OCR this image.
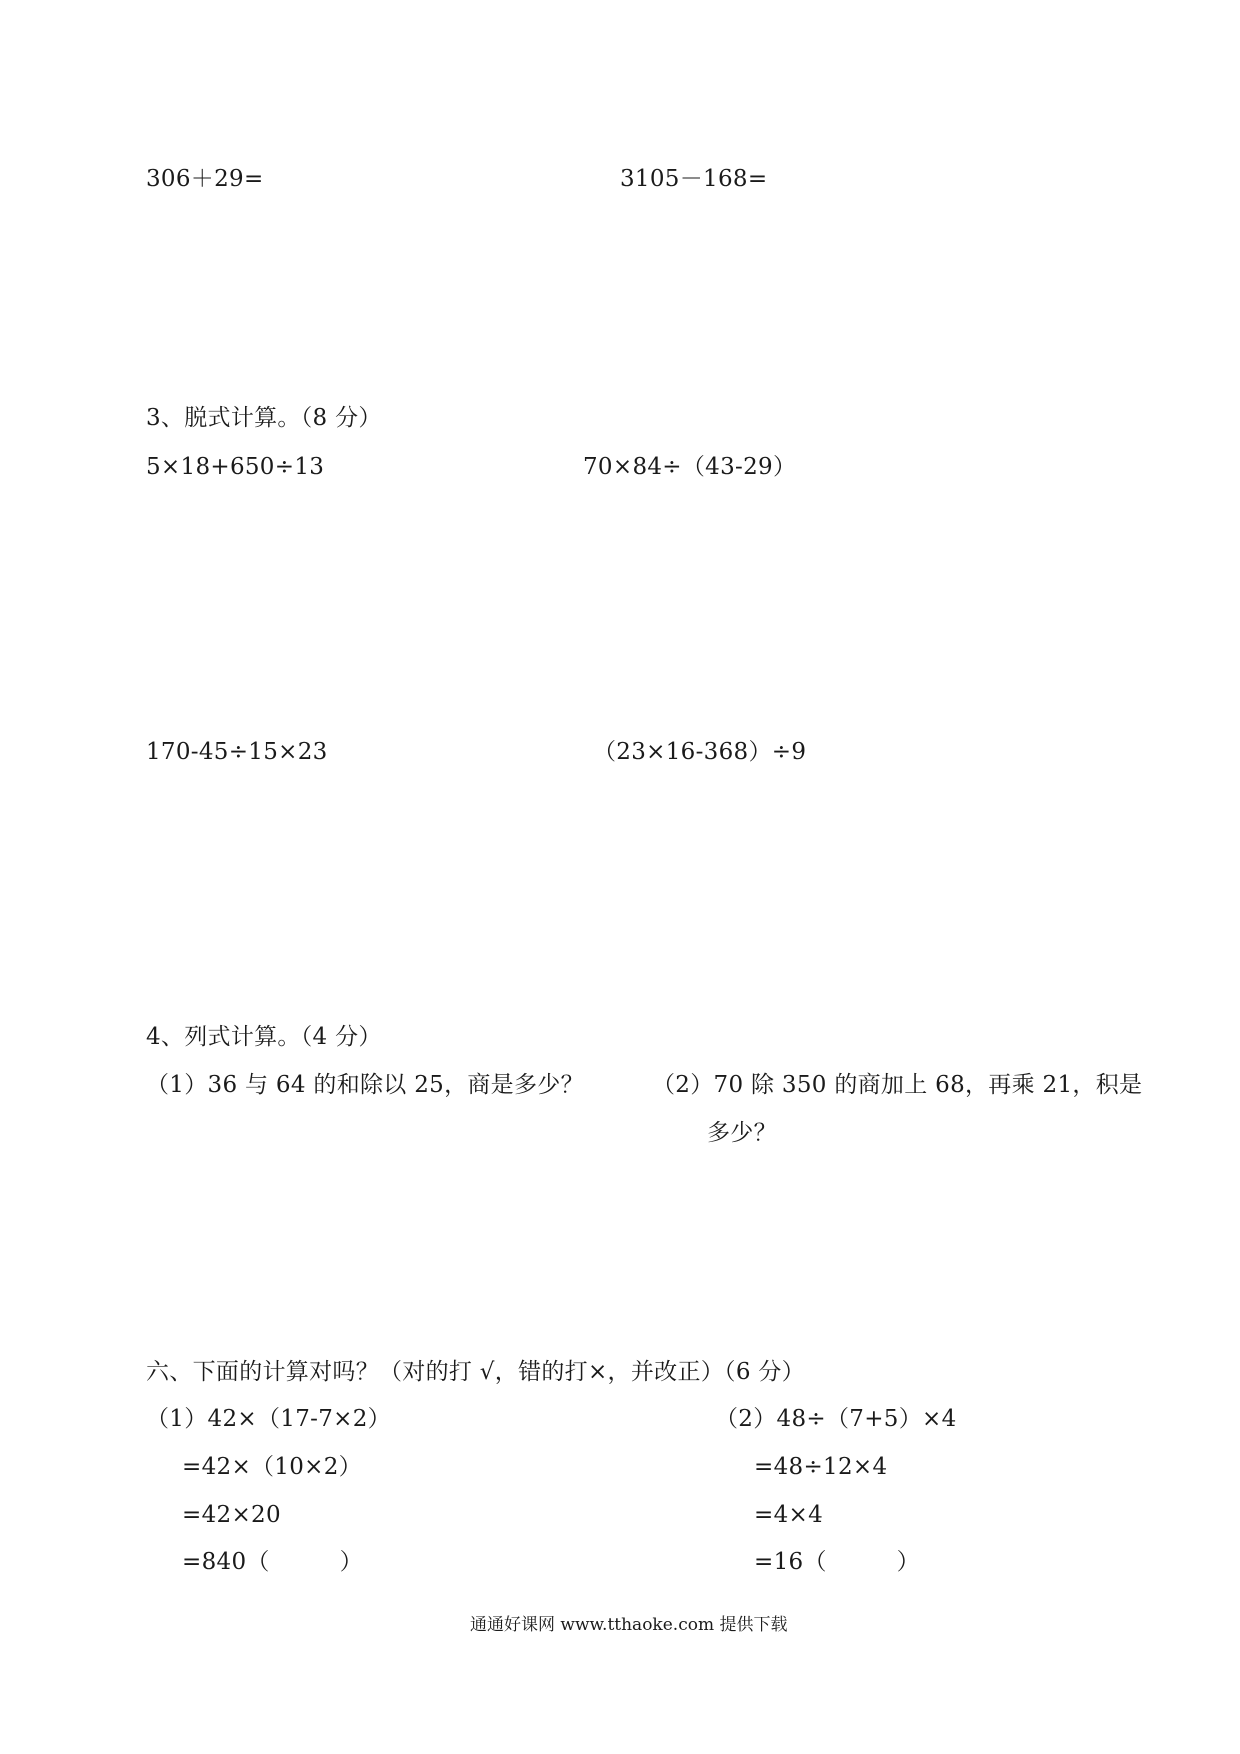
306＋29=	3105－168=
3、脱式计算。（8 分）
5×18+650÷13	70×84÷（43-29）
170-45÷15×23	（23×16-368）÷9
4、列式计算。（4 分）
（1）36 与 64 的和除以 25，商是多少？	（2）70 除 350 的商加上 68，再乘 21，积是
多少？
六、下面的计算对吗？（对的打 √，错的打×，并改正）（6 分）
（1）42×（17-7×2）
=42×（10×2）
=42×20
=840（　　　）
（2）48÷（7+5）×4
=48÷12×4
=4×4
=16（　　　）
通通好课网 www.tthaoke.com 提供下载
